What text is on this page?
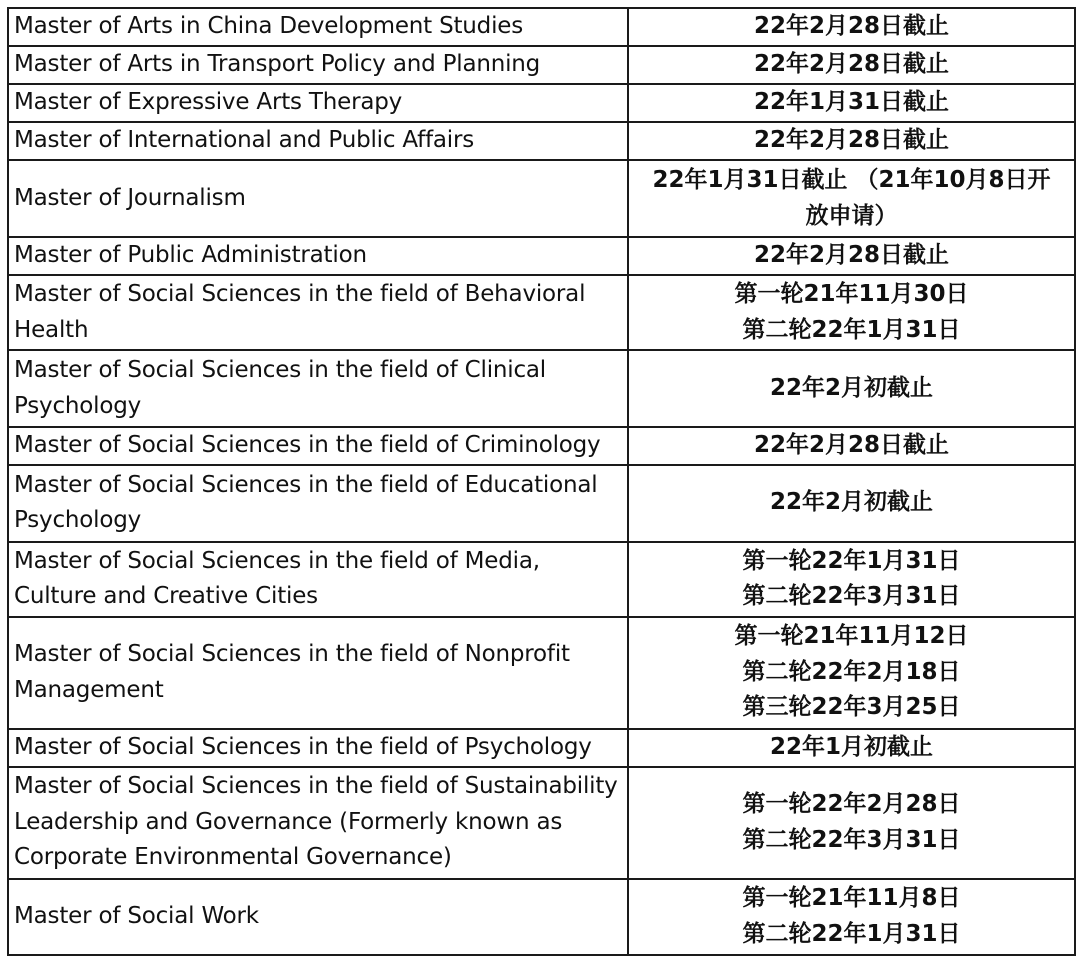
Master of Arts in China Development Studies	22年2月28日截止

Master of Arts in Transport Policy and Planning	22年2月28日截止

Master of Expressive Arts Therapy	22年1月31日截止

Master of International and Public Affairs	22年2月28日截止

Master of Journalism	22年1月31日截止 （21年10月8日开
放申请）

Master of Public Administration	22年2月28日截止

Master of Social Sciences in the field of Behavioral Health	第一轮21年11月30日
第二轮22年1月31日

Master of Social Sciences in the field of Clinical Psychology	22年2月初截止

Master of Social Sciences in the field of Criminology	22年2月28日截止

Master of Social Sciences in the field of Educational Psychology	22年2月初截止

Master of Social Sciences in the field of Media, Culture and Creative Cities	第一轮22年1月31日
第二轮22年3月31日

Master of Social Sciences in the field of Nonprofit Management	第一轮21年11月12日
第二轮22年2月18日
第三轮22年3月25日

Master of Social Sciences in the field of Psychology	22年1月初截止

Master of Social Sciences in the field of Sustainability Leadership and Governance (Formerly known as Corporate Environmental Governance)	第一轮22年2月28日
第二轮22年3月31日

Master of Social Work	第一轮21年11月8日
第二轮22年1月31日
